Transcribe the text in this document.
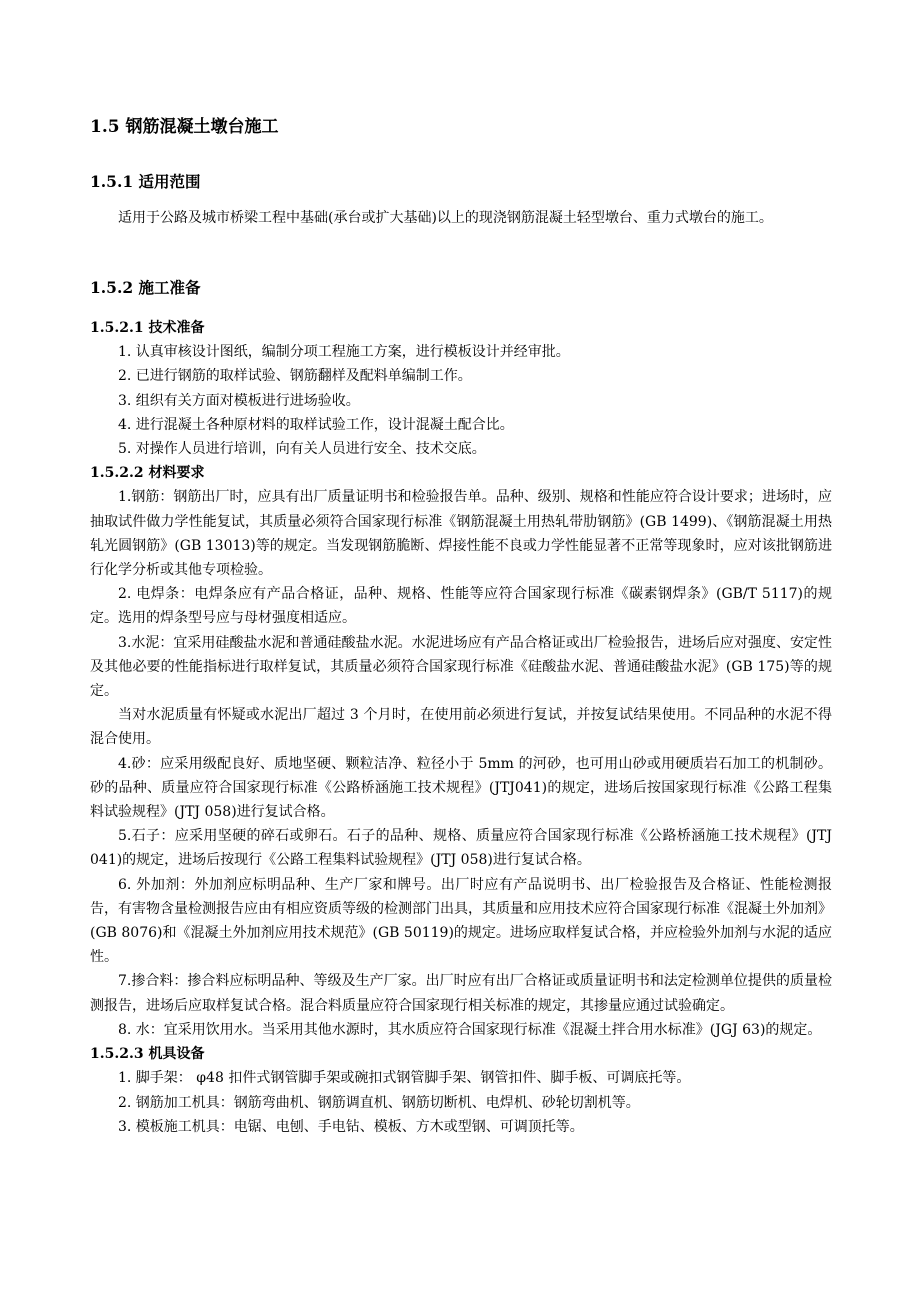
1.5 钢筋混凝土墩台施工
1.5.1 适用范围

适用于公路及城市桥梁工程中基础(承台或扩大基础)以上的现浇钢筋混凝土轻型墩台、重力式墩台的施工。

1.5.2 施工准备
1.5.2.1 技术准备
1. 认真审核设计图纸，编制分项工程施工方案，进行模板设计并经审批。
2. 已进行钢筋的取样试验、钢筋翻样及配料单编制工作。
3. 组织有关方面对模板进行进场验收。
4. 进行混凝土各种原材料的取样试验工作，设计混凝土配合比。
5. 对操作人员进行培训，向有关人员进行安全、技术交底。
1.5.2.2 材料要求

1.钢筋：钢筋出厂时，应具有出厂质量证明书和检验报告单。品种、级别、规格和性能应符合设计要求；进场时，应抽取试件做力学性能复试，其质量必须符合国家现行标准《钢筋混凝土用热轧带肋钢筋》(GB 1499)、《钢筋混凝土用热轧光圆钢筋》(GB 13013)等的规定。当发现钢筋脆断、焊接性能不良或力学性能显著不正常等现象时，应对该批钢筋进行化学分析或其他专项检验。

2. 电焊条：电焊条应有产品合格证，品种、规格、性能等应符合国家现行标准《碳素钢焊条》(GB/T 5117)的规定。选用的焊条型号应与母材强度相适应。

3.水泥：宜采用硅酸盐水泥和普通硅酸盐水泥。水泥进场应有产品合格证或出厂检验报告，进场后应对强度、安定性及其他必要的性能指标进行取样复试，其质量必须符合国家现行标准《硅酸盐水泥、普通硅酸盐水泥》(GB 175)等的规定。

当对水泥质量有怀疑或水泥出厂超过 3 个月时，在使用前必须进行复试，并按复试结果使用。不同品种的水泥不得混合使用。

4.砂：应采用级配良好、质地坚硬、颗粒洁净、粒径小于 5mm 的河砂，也可用山砂或用硬质岩石加工的机制砂。砂的品种、质量应符合国家现行标准《公路桥涵施工技术规程》(JTJ041)的规定，进场后按国家现行标准《公路工程集料试验规程》(JTJ 058)进行复试合格。

5.石子：应采用坚硬的碎石或卵石。石子的品种、规格、质量应符合国家现行标准《公路桥涵施工技术规程》(JTJ 041)的规定，进场后按现行《公路工程集料试验规程》(JTJ 058)进行复试合格。

6. 外加剂：外加剂应标明品种、生产厂家和牌号。出厂时应有产品说明书、出厂检验报告及合格证、性能检测报告，有害物含量检测报告应由有相应资质等级的检测部门出具，其质量和应用技术应符合国家现行标准《混凝土外加剂》(GB 8076)和《混凝土外加剂应用技术规范》(GB 50119)的规定。进场应取样复试合格，并应检验外加剂与水泥的适应性。

7.掺合料：掺合料应标明品种、等级及生产厂家。出厂时应有出厂合格证或质量证明书和法定检测单位提供的质量检测报告，进场后应取样复试合格。混合料质量应符合国家现行相关标准的规定，其掺量应通过试验确定。

8. 水：宜采用饮用水。当采用其他水源时，其水质应符合国家现行标准《混凝土拌合用水标准》(JGJ 63)的规定。

1.5.2.3 机具设备
1. 脚手架： φ48 扣件式钢管脚手架或碗扣式钢管脚手架、钢管扣件、脚手板、可调底托等。
2. 钢筋加工机具：钢筋弯曲机、钢筋调直机、钢筋切断机、电焊机、砂轮切割机等。
3. 模板施工机具：电锯、电刨、手电钻、模板、方木或型钢、可调顶托等。
